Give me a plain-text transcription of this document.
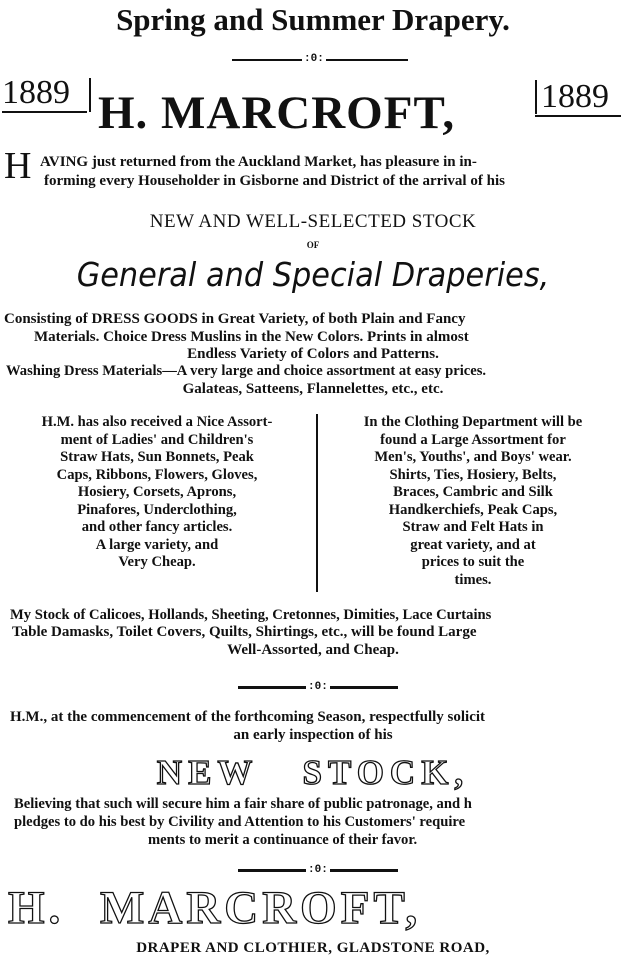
Spring and Summer Drapery.
:0:
1889 H. MARCROFT,	1889
H AVING just returned from the Auckland Market, has pleasure in in-
forming every Householder in Gisborne and District of the arrival of his
NEW AND WELL-SELECTED STOCK
OF
General and Special Draperies,
Consisting of DRESS GOODS in Great Variety, of both Plain and Fancy
Materials. Choice Dress Muslins in the New Colors. Prints in almost
Endless Variety of Colors and Patterns.
Washing Dress Materials—A very large and choice assortment at easy prices.
Galateas, Satteens, Flannelettes, etc., etc.

H.M. has also received a Nice Assort-

ment of Ladies' and Children's

Straw Hats, Sun Bonnets, Peak

Caps, Ribbons, Flowers, Gloves,

Hosiery, Corsets, Aprons,

Pinafores, Underclothing,

and other fancy articles.

A large variety, and

Very Cheap.

In the Clothing Department will be

found a Large Assortment for

Men's, Youths', and Boys' wear.

Shirts, Ties, Hosiery, Belts,

Braces, Cambric and Silk

Handkerchiefs, Peak Caps,

Straw and Felt Hats in

great variety, and at

prices to suit the

times.

My Stock of Calicoes, Hollands, Sheeting, Cretonnes, Dimities, Lace Curtains
Table Damasks, Toilet Covers, Quilts, Shirtings, etc., will be found Large
Well-Assorted, and Cheap.
:0:
H.M., at the commencement of the forthcoming Season, respectfully solicit
an early inspection of his
NEW STOCK,
Believing that such will secure him a fair share of public patronage, and h
pledges to do his best by Civility and Attention to his Customers' require
ments to merit a continuance of their favor.
:0:
H. MARCROFT,
DRAPER AND CLOTHIER, GLADSTONE ROAD,
